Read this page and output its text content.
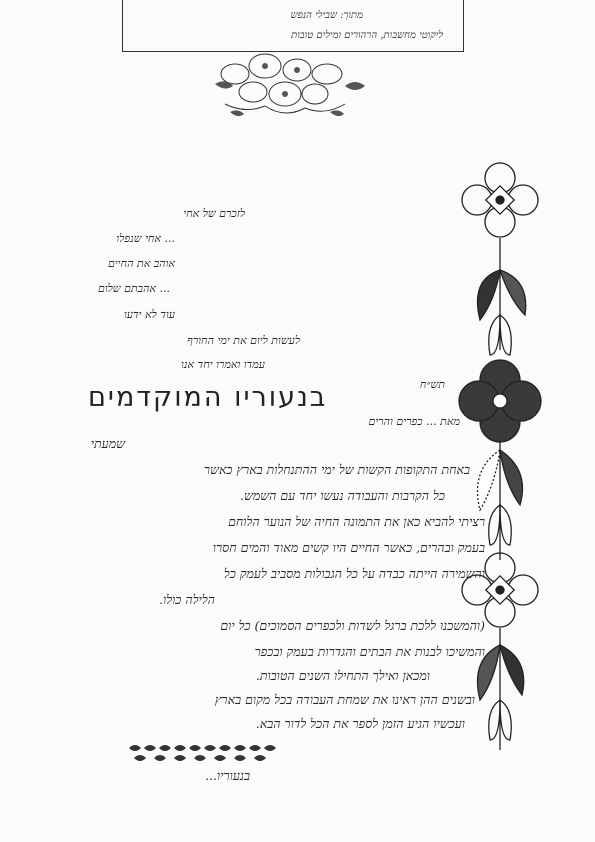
מתוך: שבילי הנפש
ליקוטי מחשבות, הרהורים ומילים טובות
לזכרם של אחי
... אחי שנפלו
אוהב את החיים
... אהבתם שלום
עוד לא ידעו
לעשות ליום את ימי החורף
עמדו ואמרו יחד אנו
בנעוריו המוקדמים	תש״ח
מאת ... כפרים והרים
שמעתי
באחת התקופות הקשות של ימי ההתנחלות בארץ כאשר
כל הקרבות והעבודה נעשו יחד עם השמש.
רציתי להביא כאן את התמונה החיה של הנוער הלוחם
בעמק ובהרים, כאשר החיים היו קשים מאוד והמים חסרו
והשמירה הייתה כבדה על כל הגבולות מסביב לעמק כל
הלילה כולו.
(והמשכנו ללכת ברגל לשדות ולכפרים הסמוכים) כל יום
והמשיכו לבנות את הבתים והגדרות בעמק ובכפר
ומכאן ואילך התחילו השנים הטובות.
ובשנים ההן ראינו את שמחת העבודה בכל מקום בארץ
ועכשיו הגיע הזמן לספר את הכל לדור הבא.
בנעוריו...
